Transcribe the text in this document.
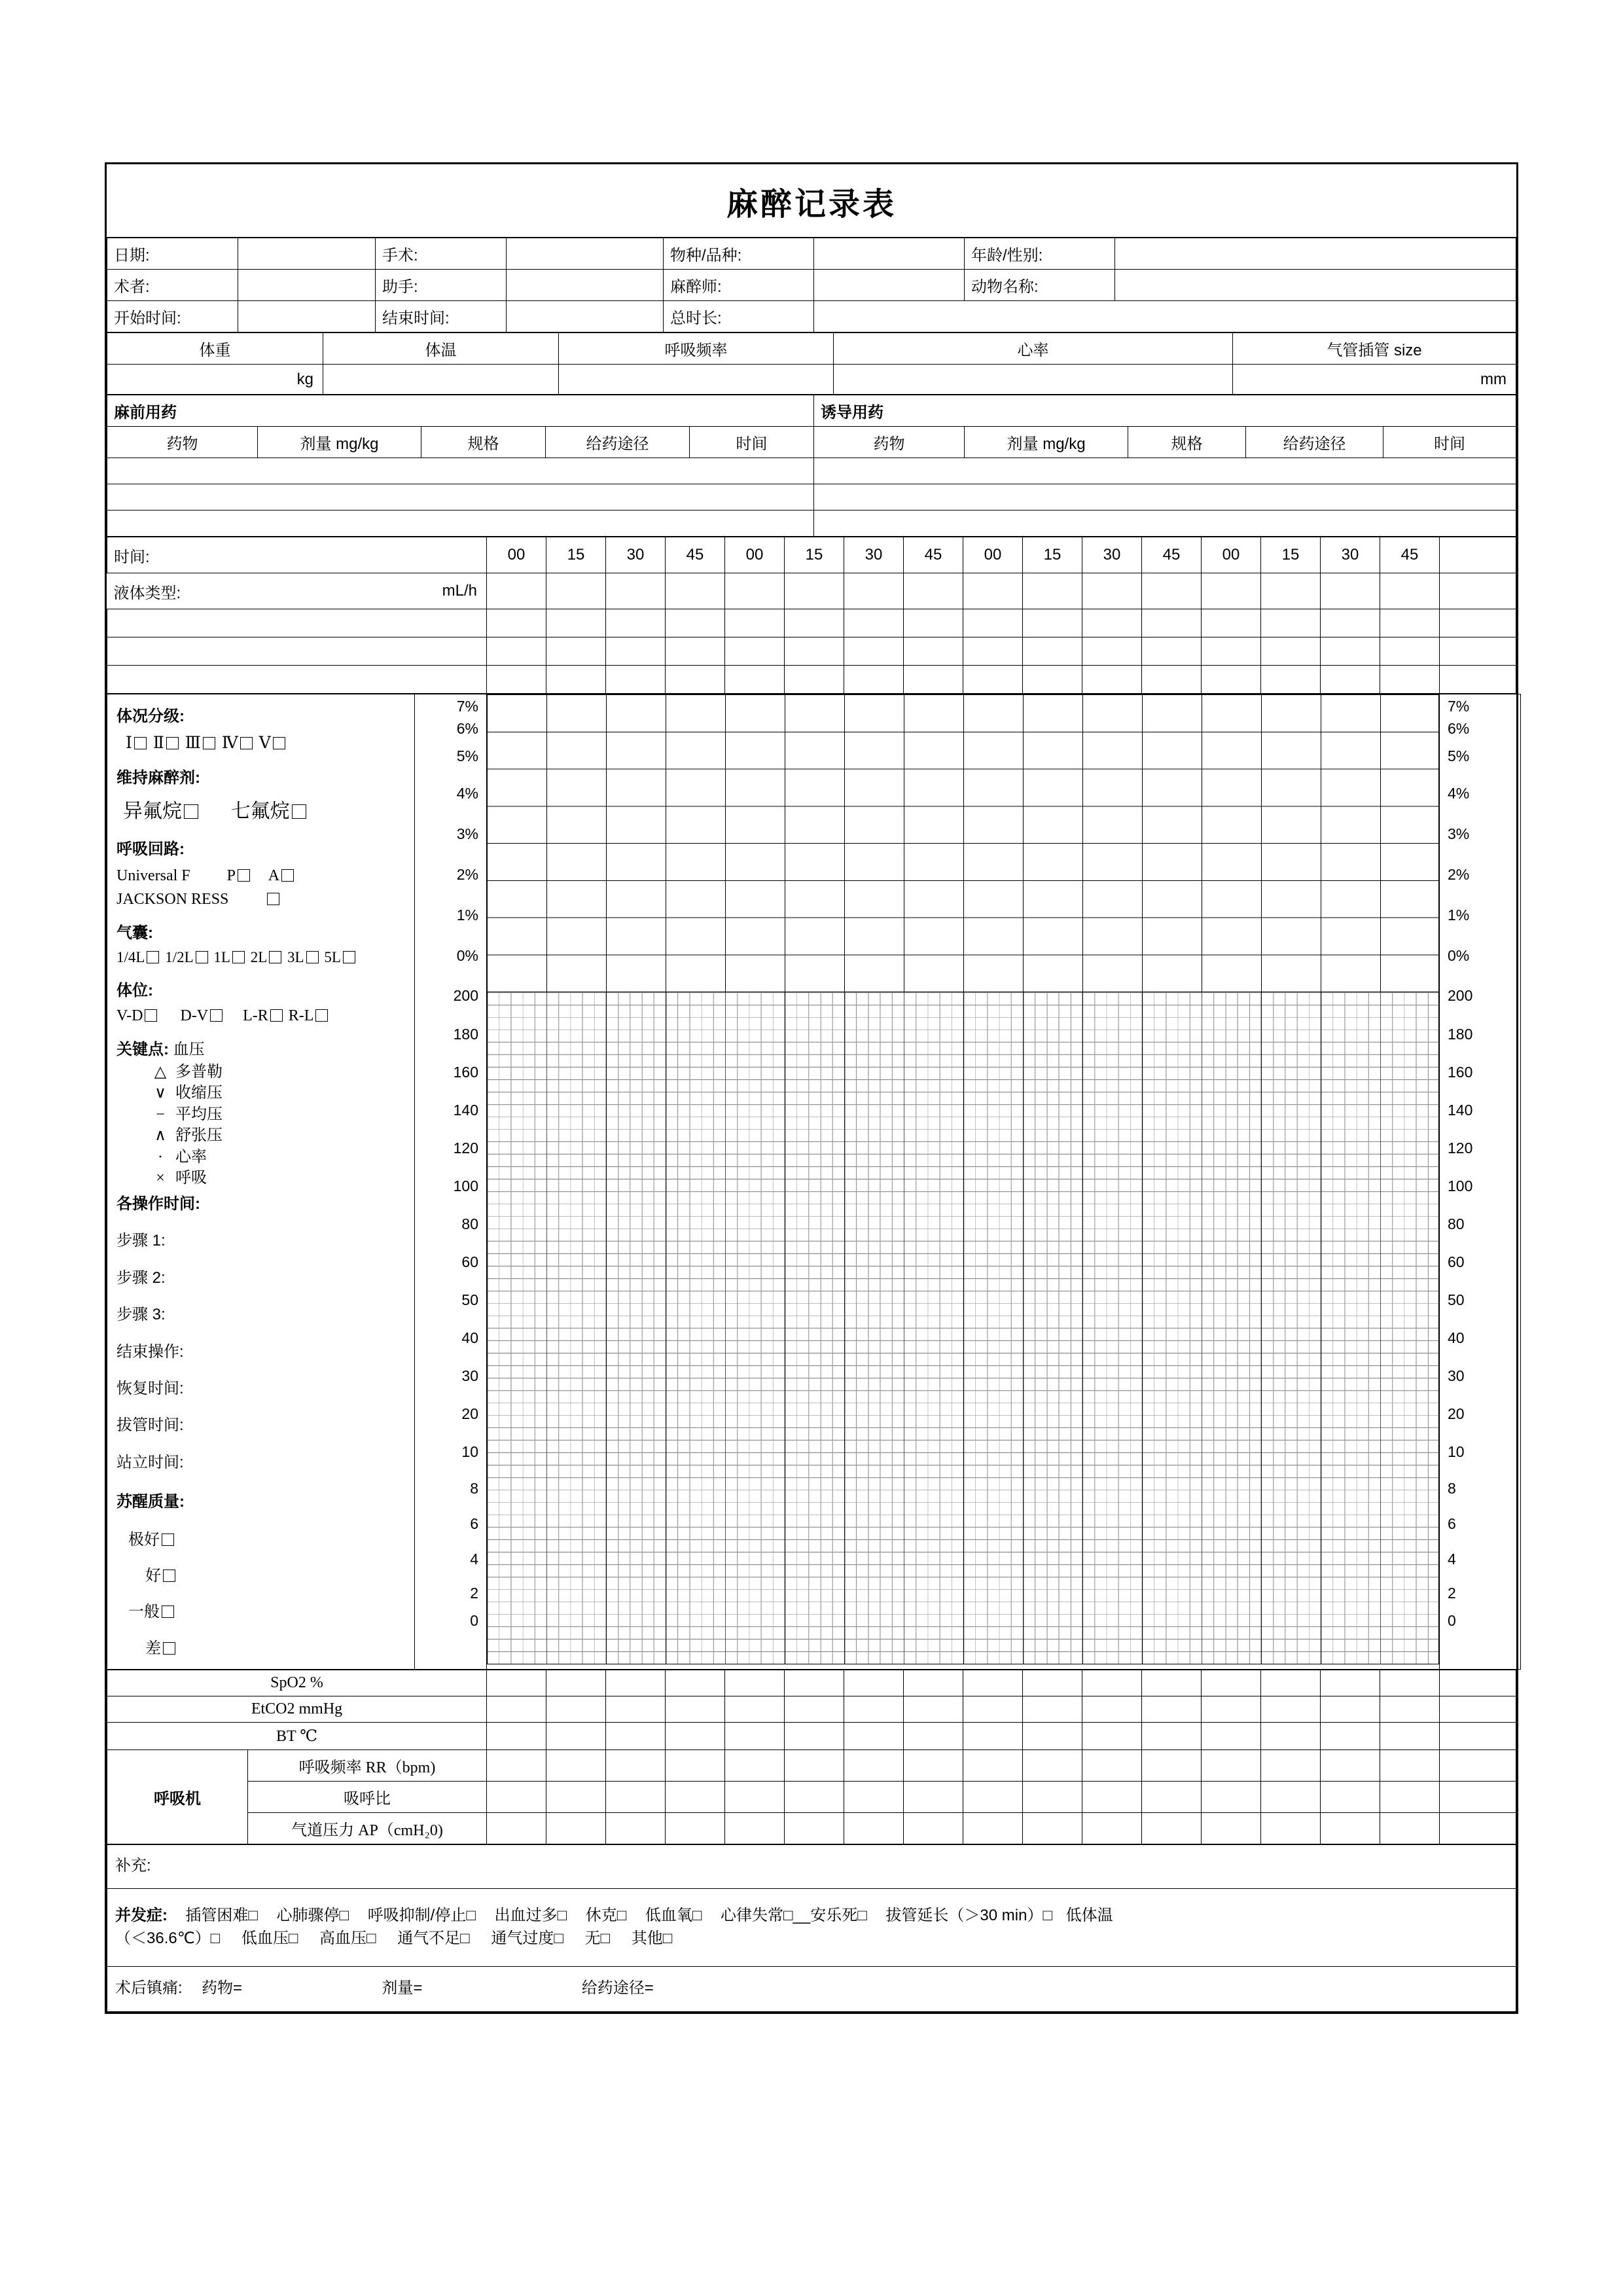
麻醉记录表
日期:		手术:		物种/品种:		年龄/性别:	
术者:		助手:		麻醉师:		动物名称:	
开始时间:		结束时间:		总时长:			
体重	体温	呼吸频率	心率	气管插管 size
kg				mm
麻前用药					诱导用药				
药物	剂量 mg/kg	规格	给药途径	时间	药物	剂量 mg/kg	规格	给药途径	时间

时间:	00	15	30	45	00	15	30	45	00	15	30	45	00	15	30	45	

液体类型:	mL/h

体况分级:
Ⅰ Ⅱ Ⅲ Ⅳ Ⅴ
维持麻醉剂:
异氟烷 七氟烷
呼吸回路:
Universal F P A
JACKSON RESS
气囊:
1/4L 1/2L 1L 2L 3L 5L
体位:
V-D D-V L-R R-L
关键点: 血压
△ 多普勒
∨ 收缩压
− 平均压
∧ 舒张压
· 心率
× 呼吸
各操作时间:
步骤 1:
步骤 2:
步骤 3:
结束操作:
恢复时间:
拔管时间:
站立时间:
苏醒质量:
极好
好
一般
差

7%
6%
5%
4%
3%
2%
1%
0%
200
180
160
140
120
100
80
60
50
40
30
20
10
8
6
4
2
0

7%
6%
5%
4%
3%
2%
1%
0%
200
180
160
140
120
100
80
60
50
40
30
20
10
8
6
4
2
0
SpO2 %																		
EtCO2 mmHg																		
BT ℃																		
呼吸机	呼吸频率 RR（bpm)																	
	吸呼比																	
	气道压力 AP（cmH₂0)																	
补充:

并发症: 插管困难□ 心肺骤停□ 呼吸抑制/停止□ 出血过多□ 休克□ 低血氧□ 心律失常□__安乐死□ 拔管延长（＞30 min）□ 低体温
（＜36.6℃）□ 低血压□ 高血压□ 通气不足□ 通气过度□ 无□ 其他□

术后镇痛: 药物=	剂量=	给药途径=
